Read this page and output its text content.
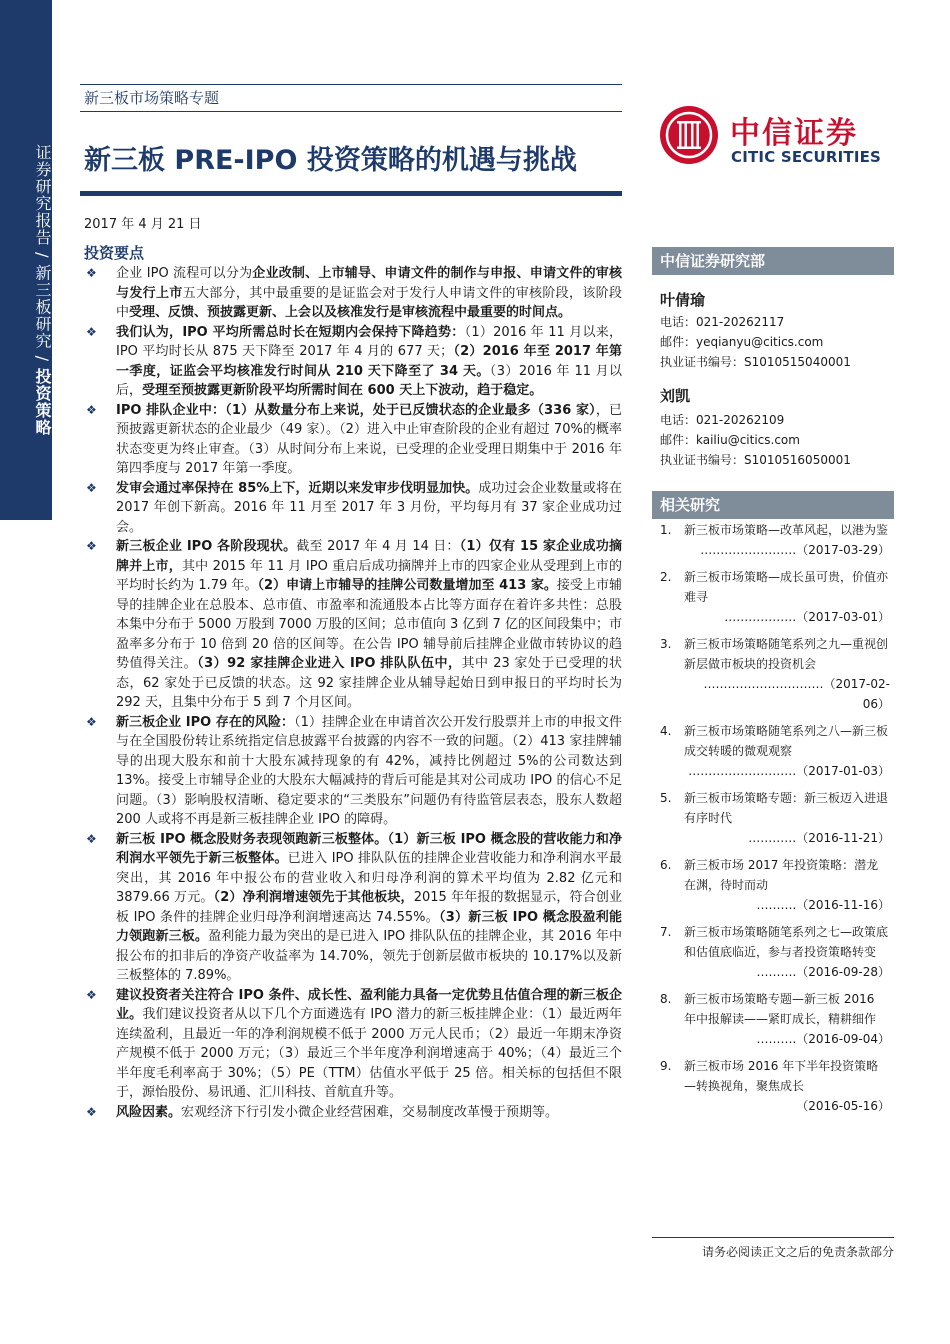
证券研究报告 / 新三板研究 / 投资策略
新三板市场策略专题
新三板 PRE-IPO 投资策略的机遇与挑战
2017 年 4 月 21 日
中信证券
CITIC SECURITIES
投资要点
❖ 企业 IPO 流程可以分为企业改制、上市辅导、申请文件的制作与申报、申请文件的审核与发行上市五大部分，其中最重要的是证监会对于发行人申请文件的审核阶段，该阶段中受理、反馈、预披露更新、上会以及核准发行是审核流程中最重要的时间点。
❖ 我们认为，IPO 平均所需总时长在短期内会保持下降趋势：（1）2016 年 11 月以来，IPO 平均时长从 875 天下降至 2017 年 4 月的 677 天；（2）2016 年至 2017 年第一季度，证监会平均核准发行时间从 210 天下降至了 34 天。（3）2016 年 11 月以后，受理至预披露更新阶段平均所需时间在 600 天上下波动，趋于稳定。
❖ IPO 排队企业中：（1）从数量分布上来说，处于已反馈状态的企业最多（336 家），已预披露更新状态的企业最少（49 家）。（2）进入中止审查阶段的企业有超过 70%的概率状态变更为终止审查。（3）从时间分布上来说，已受理的企业受理日期集中于 2016 年第四季度与 2017 年第一季度。
❖ 发审会通过率保持在 85%上下，近期以来发审步伐明显加快。成功过会企业数量或将在 2017 年创下新高。2016 年 11 月至 2017 年 3 月份，平均每月有 37 家企业成功过会。
❖ 新三板企业 IPO 各阶段现状。截至 2017 年 4 月 14 日：（1）仅有 15 家企业成功摘牌并上市，其中 2015 年 11 月 IPO 重启后成功摘牌并上市的四家企业从受理到上市的平均时长约为 1.79 年。（2）申请上市辅导的挂牌公司数量增加至 413 家。接受上市辅导的挂牌企业在总股本、总市值、市盈率和流通股本占比等方面存在着许多共性：总股本集中分布于 5000 万股到 7000 万股的区间；总市值向 3 亿到 7 亿的区间段集中；市盈率多分布于 10 倍到 20 倍的区间等。在公告 IPO 辅导前后挂牌企业做市转协议的趋势值得关注。（3）92 家挂牌企业进入 IPO 排队队伍中，其中 23 家处于已受理的状态，62 家处于已反馈的状态。这 92 家挂牌企业从辅导起始日到申报日的平均时长为 292 天，且集中分布于 5 到 7 个月区间。
❖ 新三板企业 IPO 存在的风险：（1）挂牌企业在申请首次公开发行股票并上市的申报文件与在全国股份转让系统指定信息披露平台披露的内容不一致的问题。（2）413 家挂牌辅导的出现大股东和前十大股东减持现象的有 42%，减持比例超过 5%的公司数达到 13%。接受上市辅导企业的大股东大幅减持的背后可能是其对公司成功 IPO 的信心不足问题。（3）影响股权清晰、稳定要求的“三类股东”问题仍有待监管层表态，股东人数超 200 人或将不再是新三板挂牌企业 IPO 的障碍。
❖ 新三板 IPO 概念股财务表现领跑新三板整体。（1）新三板 IPO 概念股的营收能力和净利润水平领先于新三板整体。已进入 IPO 排队队伍的挂牌企业营收能力和净利润水平最突出，其 2016 年中报公布的营业收入和归母净利润的算术平均值为 2.82 亿元和 3879.66 万元。（2）净利润增速领先于其他板块，2015 年年报的数据显示，符合创业板 IPO 条件的挂牌企业归母净利润增速高达 74.55%。（3）新三板 IPO 概念股盈利能力领跑新三板。盈利能力最为突出的是已进入 IPO 排队队伍的挂牌企业，其 2016 年中报公布的扣非后的净资产收益率为 14.70%，领先于创新层做市板块的 10.17%以及新三板整体的 7.89%。
❖ 建议投资者关注符合 IPO 条件、成长性、盈利能力具备一定优势且估值合理的新三板企业。我们建议投资者从以下几个方面遴选有 IPO 潜力的新三板挂牌企业：（1）最近两年连续盈利，且最近一年的净利润规模不低于 2000 万元人民币；（2）最近一年期末净资产规模不低于 2000 万元；（3）最近三个半年度净利润增速高于 40%；（4）最近三个半年度毛利率高于 30%；（5）PE（TTM）估值水平低于 25 倍。相关标的包括但不限于，源怡股份、易讯通、汇川科技、首航直升等。
❖ 风险因素。宏观经济下行引发小微企业经营困难，交易制度改革慢于预期等。
中信证券研究部
叶倩瑜
电话：021-20262117
邮件：yeqianyu@citics.com
执业证书编号：S1010515040001
刘凯
电话：021-20262109
邮件：kailiu@citics.com
执业证书编号：S1010516050001
相关研究
1. 新三板市场策略—改革风起，以港为鉴
……………………（2017-03-29）
2. 新三板市场策略—成长虽可贵，价值亦难寻
………………（2017-03-01）
3. 新三板市场策略随笔系列之九—重视创新层做市板块的投资机会
…………………………（2017-02-06）
4. 新三板市场策略随笔系列之八—新三板成交转暖的微观观察
………………………（2017-01-03）
5. 新三板市场策略专题：新三板迈入进退有序时代
…………（2016-11-21）
6. 新三板市场 2017 年投资策略：潜龙在渊，待时而动
……….（2016-11-16）
7. 新三板市场策略随笔系列之七—政策底和估值底临近，参与者投资策略转变
……….（2016-09-28）
8. 新三板市场策略专题—新三板 2016 年中报解读——紧盯成长，精耕细作
……….（2016-09-04）
9. 新三板市场 2016 年下半年投资策略—转换视角，聚焦成长
（2016-05-16）
请务必阅读正文之后的免责条款部分
